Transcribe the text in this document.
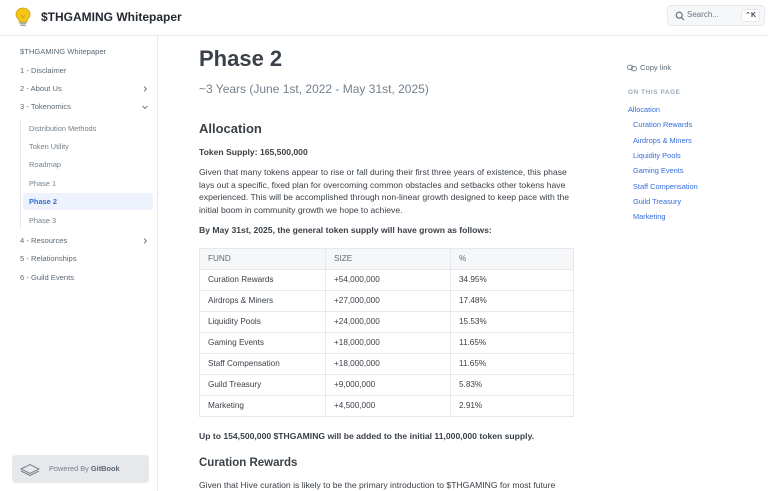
$THGAMING Whitepaper	Search...	⌃K
$THGAMING Whitepaper
1 - Disclaimer
2 - About Us
3 - Tokenomics
Distribution Methods
Token Utility
Roadmap
Phase 1
Phase 2
Phase 3
4 - Resources
5 - Relationships
6 - Guild Events
Powered By GitBook
Phase 2
~3 Years (June 1st, 2022 - May 31st, 2025)
Allocation
Token Supply: 165,500,000
Given that many tokens appear to rise or fall during their first three years of existence, this phase lays out a specific, fixed plan for overcoming common obstacles and setbacks other tokens have experienced. This will be accomplished through non-linear growth designed to keep pace with the initial boom in community growth we hope to achieve.
By May 31st, 2025, the general token supply will have grown as follows:
FUND	SIZE	%
Curation Rewards	+54,000,000	34.95%
Airdrops & Miners	+27,000,000	17.48%
Liquidity Pools	+24,000,000	15.53%
Gaming Events	+18,000,000	11.65%
Staff Compensation	+18,000,000	11.65%
Guild Treasury	+9,000,000	5.83%
Marketing	+4,500,000	2.91%
Up to 154,500,000 $THGAMING will be added to the initial 11,000,000 token supply.
Curation Rewards
Given that Hive curation is likely to be the primary introduction to $THGAMING for most future
Copy link
ON THIS PAGE
Allocation
Curation Rewards
Airdrops & Miners
Liquidity Pools
Gaming Events
Staff Compensation
Guild Treasury
Marketing
